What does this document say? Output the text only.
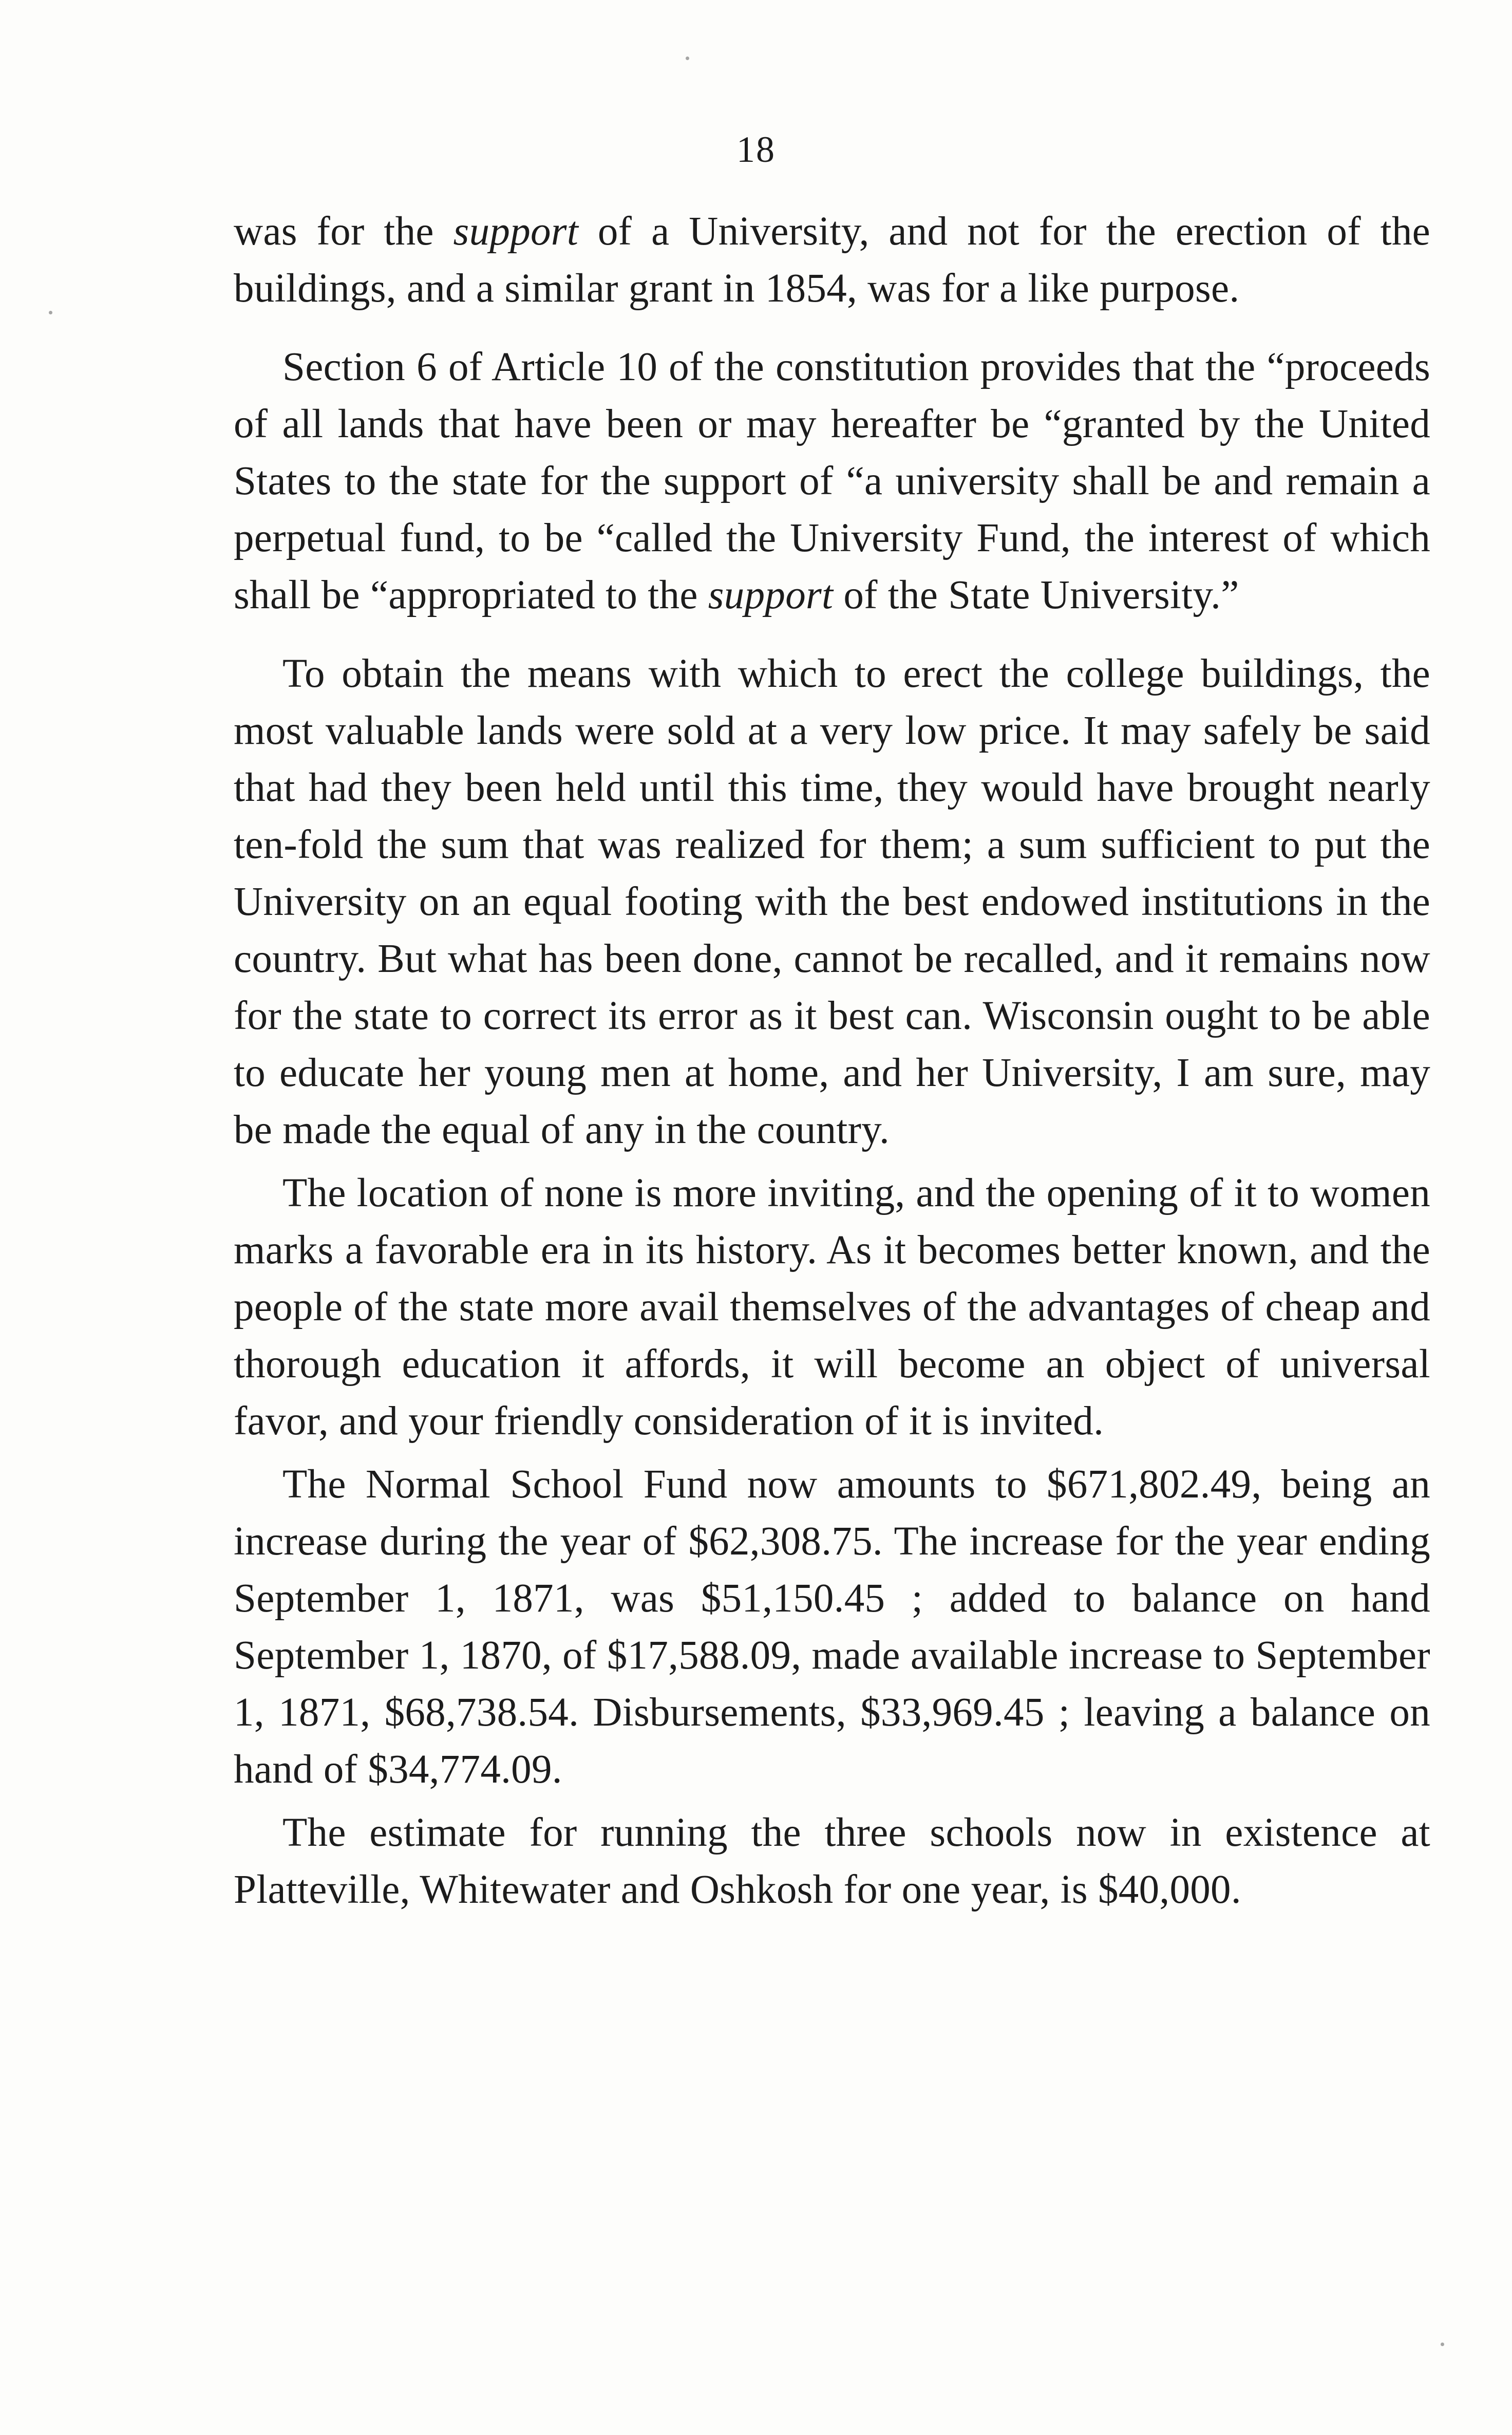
18

was for the support of a University, and not for the erection of the buildings, and a similar grant in 1854, was for a like purpose.

Section 6 of Article 10 of the constitution provides that the “proceeds of all lands that have been or may hereafter be “granted by the United States to the state for the support of “a university shall be and remain a perpetual fund, to be “called the University Fund, the interest of which shall be “appropriated to the support of the State University.”

To obtain the means with which to erect the college buildings, the most valuable lands were sold at a very low price. It may safely be said that had they been held until this time, they would have brought nearly ten-fold the sum that was realized for them; a sum sufficient to put the University on an equal footing with the best endowed institutions in the country. But what has been done, cannot be recalled, and it remains now for the state to correct its error as it best can. Wisconsin ought to be able to educate her young men at home, and her University, I am sure, may be made the equal of any in the country.

The location of none is more inviting, and the opening of it to women marks a favorable era in its history. As it becomes better known, and the people of the state more avail themselves of the advantages of cheap and thorough education it affords, it will become an object of universal favor, and your friendly consideration of it is invited.

The Normal School Fund now amounts to $671,802.49, being an increase during the year of $62,308.75. The increase for the year ending September 1, 1871, was $51,150.45 ; added to balance on hand September 1, 1870, of $17,588.09, made available increase to September 1, 1871, $68,738.54. Disbursements, $33,969.45 ; leaving a balance on hand of $34,774.09.

The estimate for running the three schools now in existence at Platteville, Whitewater and Oshkosh for one year, is $40,000.
